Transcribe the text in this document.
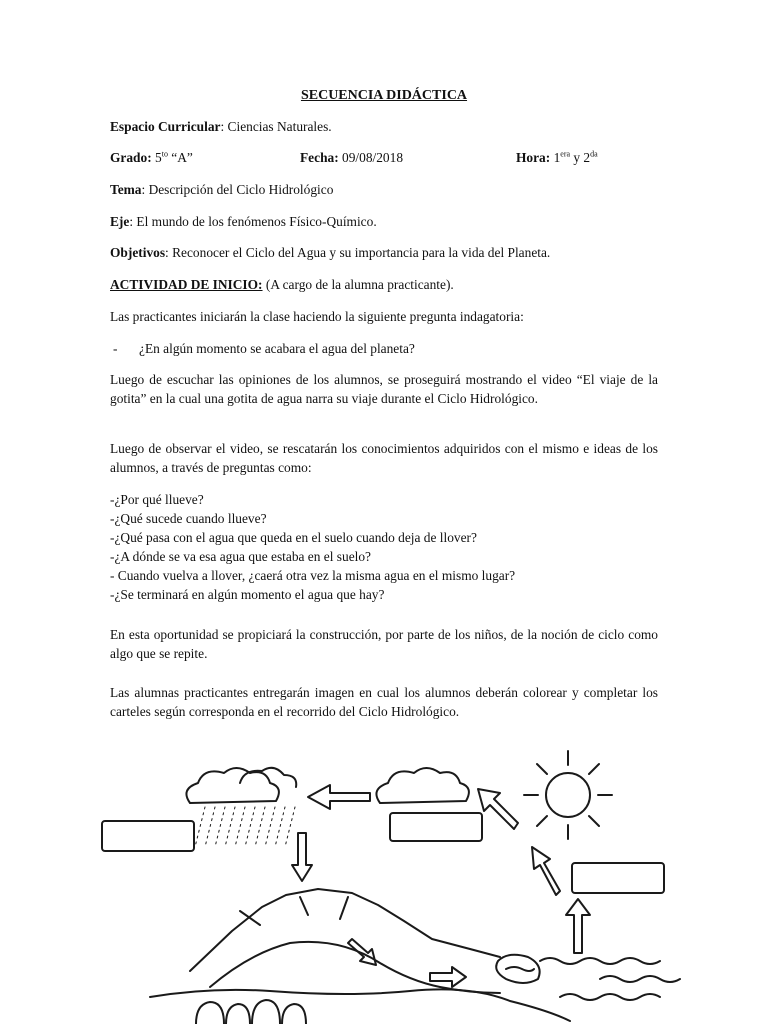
SECUENCIA DIDÁCTICA
Espacio Curricular: Ciencias Naturales.
Grado: $5^{to}$ “A”	Fecha: 09/08/2018	Hora: $1^{era}$ y $2^{da}$
Tema: Descripción del Ciclo Hidrológico
Eje: El mundo de los fenómenos Físico-Químico.
Objetivos: Reconocer el Ciclo del Agua y su importancia para la vida del Planeta.
ACTIVIDAD DE INICIO: (A cargo de la alumna practicante).
Las practicantes iniciarán la clase haciendo la siguiente pregunta indagatoria:
- ¿En algún momento se acabara el agua del planeta?
Luego de escuchar las opiniones de los alumnos, se proseguirá mostrando el video “El viaje de la gotita” en la cual una gotita de agua narra su viaje durante el Ciclo Hidrológico.
Luego de observar el video, se rescatarán los conocimientos adquiridos con el mismo e ideas de los alumnos, a través de preguntas como:
-¿Por qué llueve?
-¿Qué sucede cuando llueve?
-¿Qué pasa con el agua que queda en el suelo cuando deja de llover?
-¿A dónde se va esa agua que estaba en el suelo?
- Cuando vuelva a llover, ¿caerá otra vez la misma agua en el mismo lugar?
-¿Se terminará en algún momento el agua que hay?
En esta oportunidad se propiciará la construcción, por parte de los niños, de la noción de ciclo como algo que se repite.
Las alumnas practicantes entregarán imagen en cual los alumnos deberán colorear y completar los carteles según corresponda en el recorrido del Ciclo Hidrológico.
